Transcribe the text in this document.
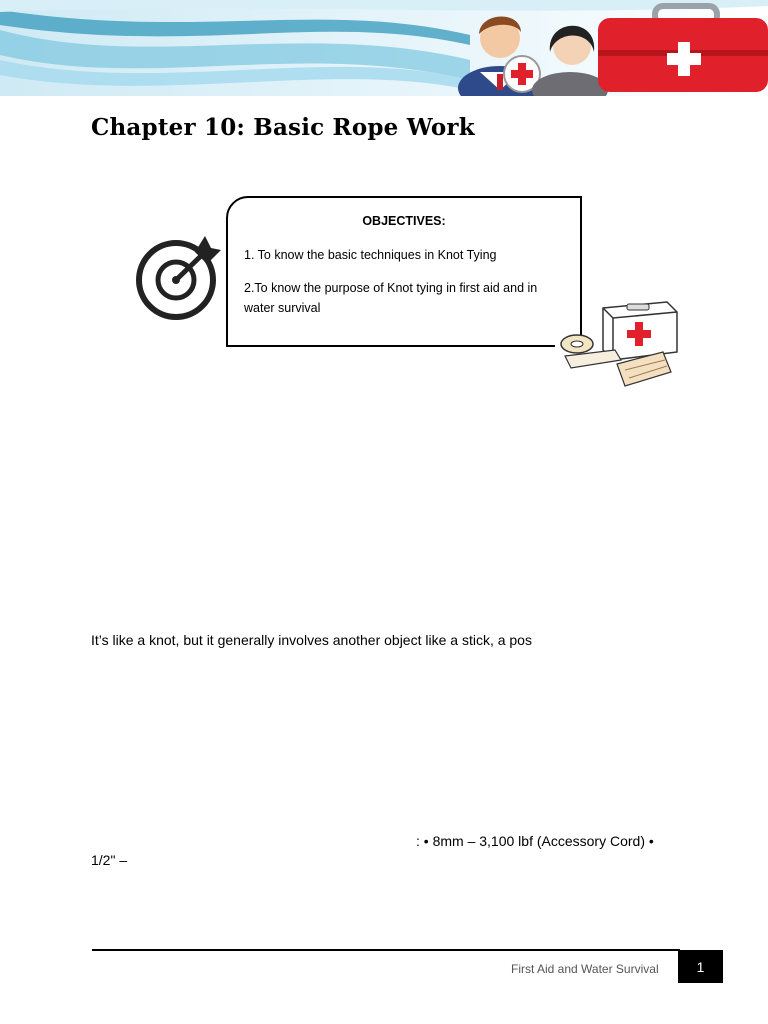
Chapter 10: Basic Rope Work
OBJECTIVES:
1. To know the basic techniques in Knot Tying
2.To know the purpose of Knot tying in first aid and in water survival
It’s like a knot, but it generally involves another object like a stick, a pos
: • 8mm – 3,100 lbf (Accessory Cord) •
1/2" –
First Aid and Water Survival	1
